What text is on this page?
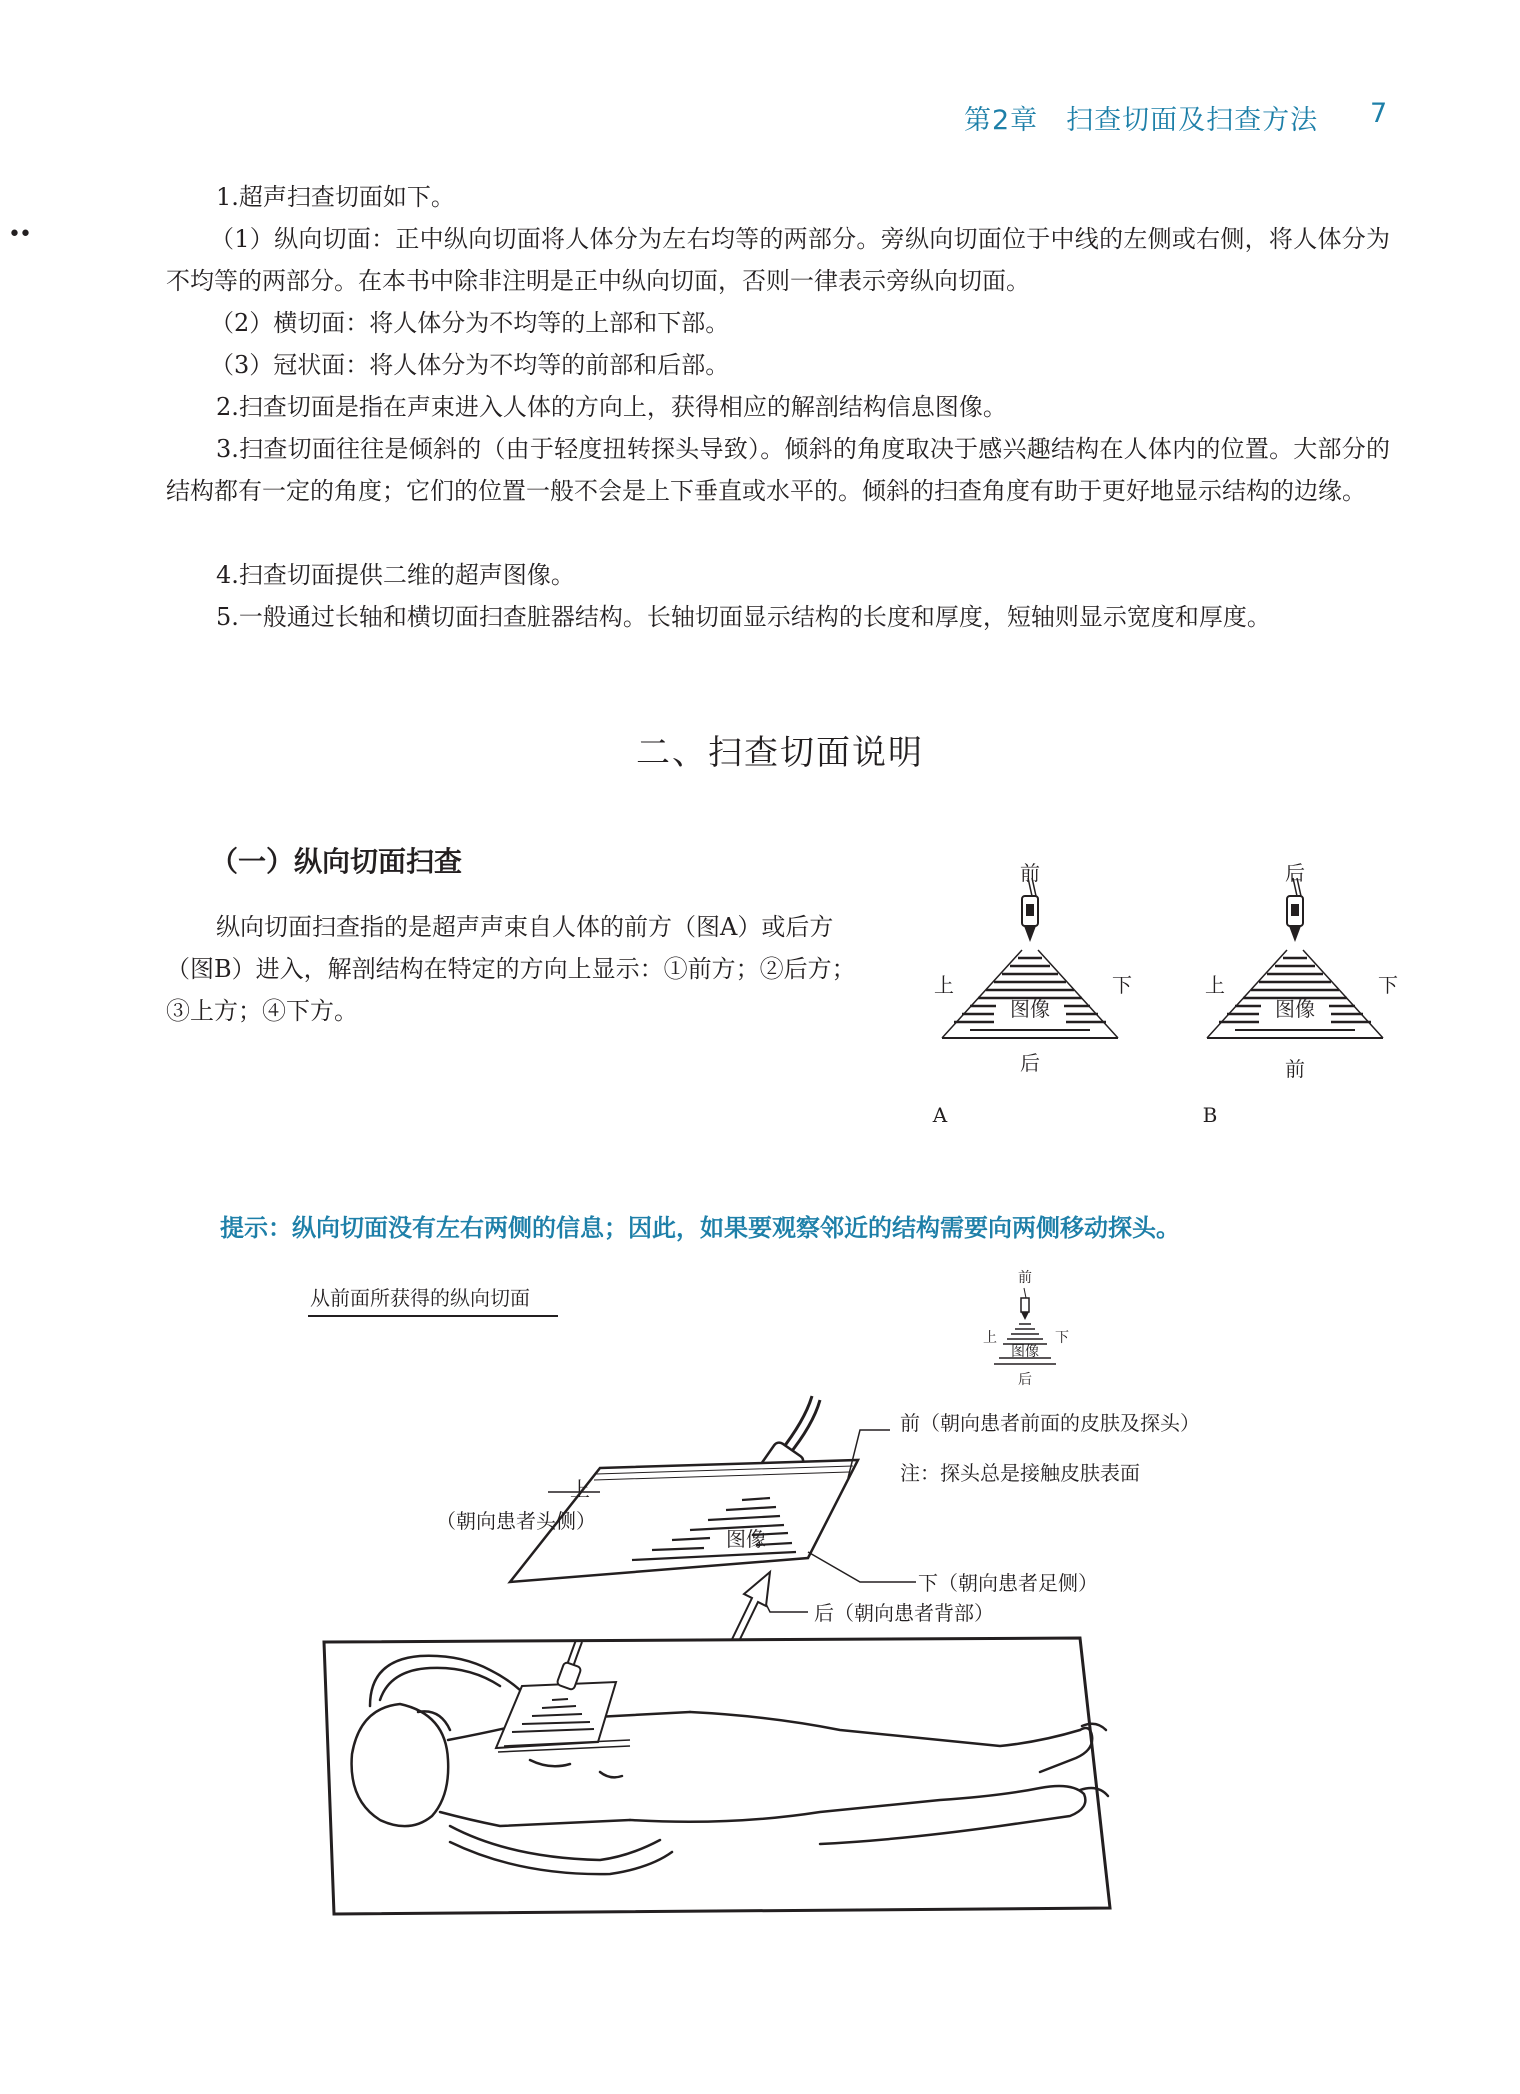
第2章　扫查切面及扫查方法 7
••
1.超声扫查切面如下。
（1）纵向切面：正中纵向切面将人体分为左右均等的两部分。旁纵向切面位于中线的左侧或右侧，将人体分为不均等的两部分。在本书中除非注明是正中纵向切面，否则一律表示旁纵向切面。
（2）横切面：将人体分为不均等的上部和下部。
（3）冠状面：将人体分为不均等的前部和后部。
2.扫查切面是指在声束进入人体的方向上，获得相应的解剖结构信息图像。
3.扫查切面往往是倾斜的（由于轻度扭转探头导致）。倾斜的角度取决于感兴趣结构在人体内的位置。大部分的结构都有一定的角度；它们的位置一般不会是上下垂直或水平的。倾斜的扫查角度有助于更好地显示结构的边缘。
4.扫查切面提供二维的超声图像。
5.一般通过长轴和横切面扫查脏器结构。长轴切面显示结构的长度和厚度，短轴则显示宽度和厚度。
二、扫查切面说明
（一）纵向切面扫查
纵向切面扫查指的是超声声束自人体的前方（图A）或后方（图B）进入，解剖结构在特定的方向上显示：①前方；②后方；③上方；④下方。
前
上	下
图像
后
A
后
上	下
图像
前
B
提示：纵向切面没有左右两侧的信息；因此，如果要观察邻近的结构需要向两侧移动探头。
从前面所获得的纵向切面
前
上	下
图像
后
图像
前（朝向患者前面的皮肤及探头）
注：探头总是接触皮肤表面
上
（朝向患者头侧）
下（朝向患者足侧）
后（朝向患者背部）
